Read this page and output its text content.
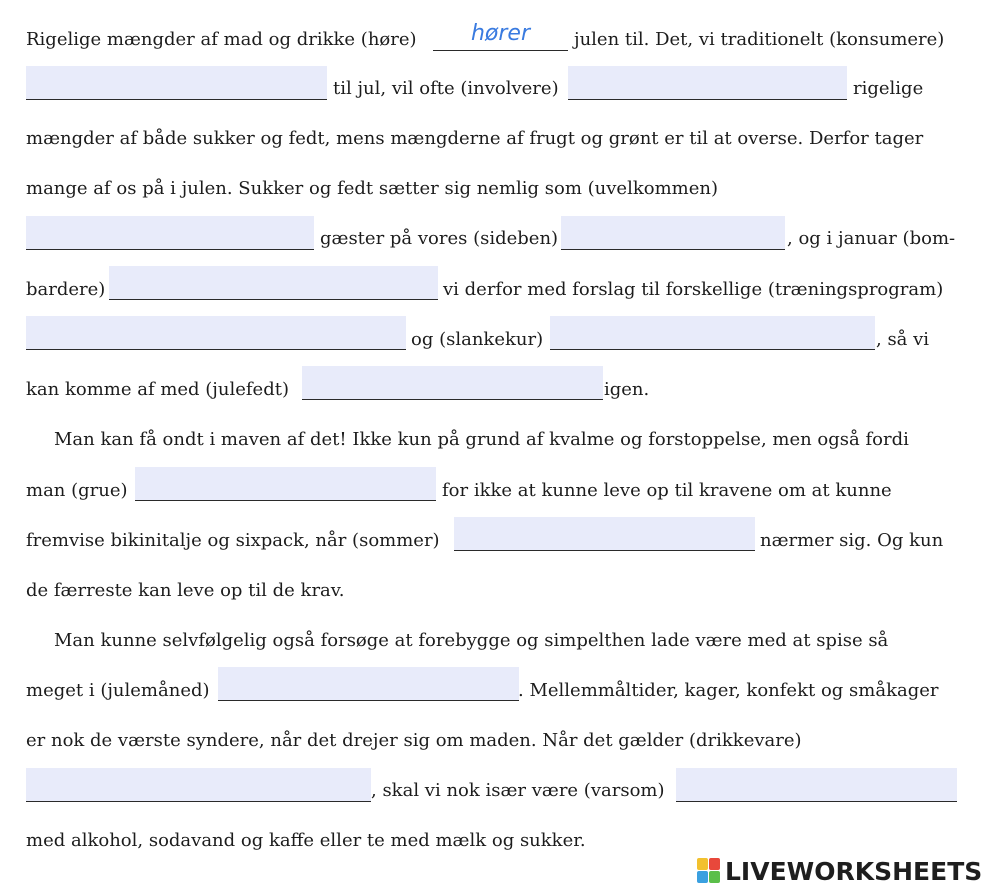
Rigelige mængder af mad og drikke (høre)
hører	julen til. Det, vi traditionelt (konsumere)
til jul, vil ofte (involvere)	rigelige
mængder af både sukker og fedt, mens mængderne af frugt og grønt er til at overse. Derfor tager
mange af os på i julen. Sukker og fedt sætter sig nemlig som (uvelkommen)
gæster på vores (sideben)	, og i januar (bom-
bardere)	vi derfor med forslag til forskellige (træningsprogram)
og (slankekur)	, så vi
kan komme af med (julefedt)	igen.
Man kan få ondt i maven af det! Ikke kun på grund af kvalme og forstoppelse, men også fordi
man (grue)	for ikke at kunne leve op til kravene om at kunne
fremvise bikinitalje og sixpack, når (sommer)	nærmer sig. Og kun
de færreste kan leve op til de krav.
Man kunne selvfølgelig også forsøge at forebygge og simpelthen lade være med at spise så
meget i (julemåned)	. Mellemmåltider, kager, konfekt og småkager
er nok de værste syndere, når det drejer sig om maden. Når det gælder (drikkevare)
, skal vi nok især være (varsom)
med alkohol, sodavand og kaffe eller te med mælk og sukker.
LIVEWORKSHEETS
